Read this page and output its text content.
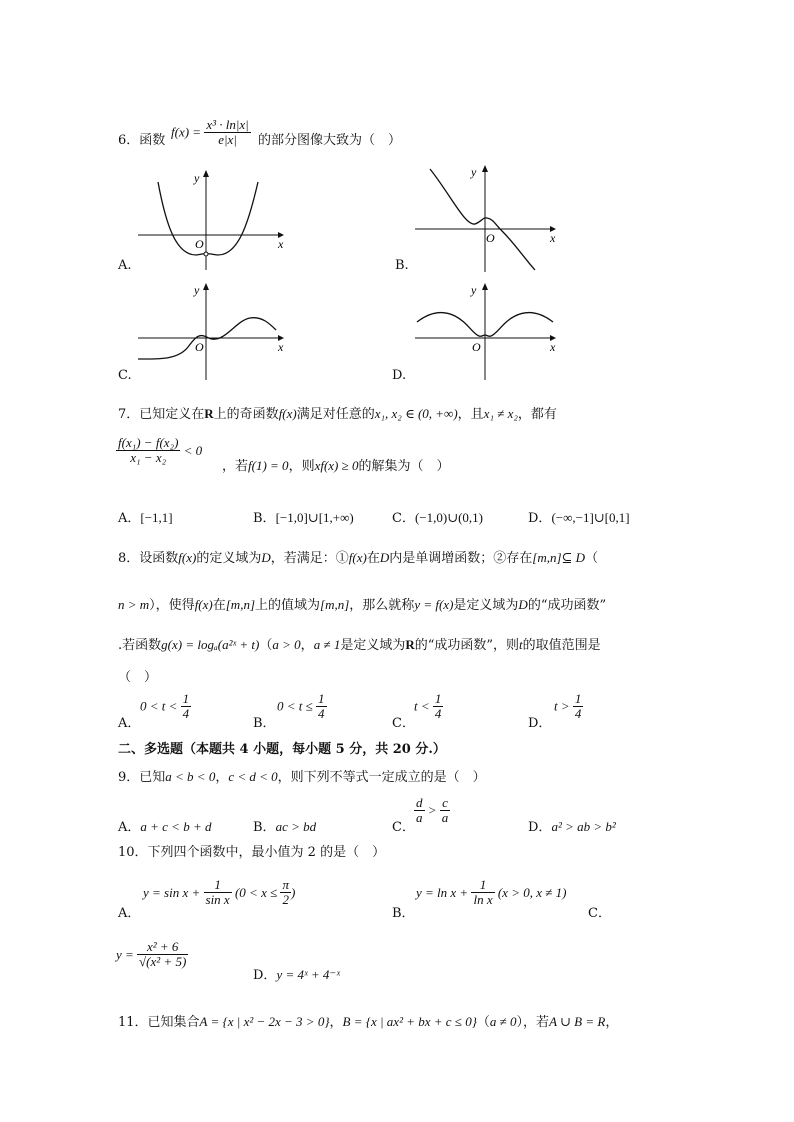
6．函数
$f(x) = \frac{\text{x³ · ln|x|}}{e|x|}$ 的部分图像大致为（　）
x
y
O
A.
x
y
O
B.
x
y
O
C.
x
y
O
D.
7．已知定义在R上的奇函数f(x)满足对任意的x₁, x₂ ∈ (0, +∞)，且x₁ ≠ x₂，都有
$\frac{\text{f(x₁) − f(x₂)}}{\text{x₁ − x₂}} < 0$
，若f(1) = 0，则xf(x) ≥ 0的解集为（　）
A．[−1,1]	B．[−1,0]∪[1,+∞)	C．(−1,0)∪(0,1)	D．(−∞,−1]∪[0,1]
8．设函数f(x)的定义域为D，若满足：①f(x)在D内是单调增函数；②存在[m,n]⊆ D（
n > m），使得f(x)在[m,n]上的值域为[m,n]，那么就称y = f(x)是定义域为D的“成功函数”
.若函数g(x) = logₐ(a²ˣ + t)（a > 0，a ≠ 1是定义域为R的“成功函数”，则t的取值范围是
（　）
A．
$0 < t < \frac{1}{4}$
B．
$0 < t \le \frac{1}{4}$
C．
$t < \frac{1}{4}$
D．
$t > \frac{1}{4}$
二、多选题（本题共 4 小题，每小题 5 分，共 20 分.）
9．已知a < b < 0，c < d < 0，则下列不等式一定成立的是（　）
A．a + c < b + d	B．ac > bd	C．
$\frac{d}{a} > \frac{c}{a}$
D．a² > ab > b²
10．下列四个函数中，最小值为 2 的是（　）
A．
$y = \sin x + \frac{1}{\text{sin x}} (0 < x \le \frac{\pi}{2}$ )
B．
$y = \ln x + \frac{1}{\text{ln x}} (x > 0$, x ≠ 1)
C．
$y = \frac{\text{x² + 6}}{\text{√(x² + 5)}}$
D．y = 4ˣ + 4⁻ˣ
11．已知集合A = {x | x² − 2x − 3 > 0}，B = {x | ax² + bx + c ≤ 0}（a ≠ 0），若A ∪ B = R，
